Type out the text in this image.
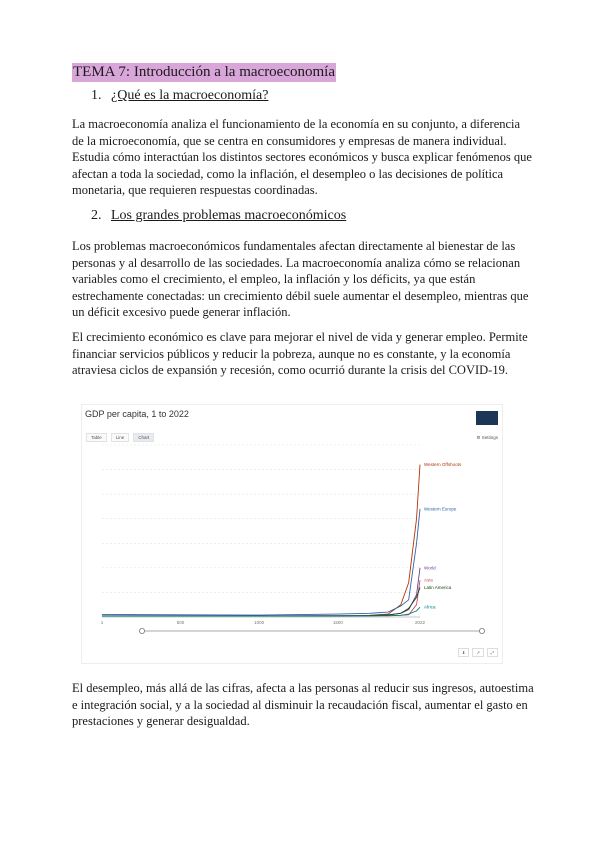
TEMA 7: Introducción a la macroeconomía
1. ¿Qué es la macroeconomía?

La macroeconomía analiza el funcionamiento de la economía en su conjunto, a diferencia de la microeconomía, que se centra en consumidores y empresas de manera individual. Estudia cómo interactúan los distintos sectores económicos y busca explicar fenómenos que afectan a toda la sociedad, como la inflación, el desempleo o las decisiones de política monetaria, que requieren respuestas coordinadas.

2. Los grandes problemas macroeconómicos

Los problemas macroeconómicos fundamentales afectan directamente al bienestar de las personas y al desarrollo de las sociedades. La macroeconomía analiza cómo se relacionan variables como el crecimiento, el empleo, la inflación y los déficits, ya que están estrechamente conectadas: un crecimiento débil suele aumentar el desempleo, mientras que un déficit excesivo puede generar inflación.

El crecimiento económico es clave para mejorar el nivel de vida y generar empleo. Permite financiar servicios públicos y reducir la pobreza, aunque no es constante, y la economía atraviesa ciclos de expansión y recesión, como ocurrió durante la crisis del COVID-19.

GDP per capita, 1 to 2022

Table	Line	Chart	⚙ Settings
1	500	1000	1500	2022
Western Offshoots
Western Europe
World
Asia
Latin America
Africa

⬇	↗	⤢

El desempleo, más allá de las cifras, afecta a las personas al reducir sus ingresos, autoestima e integración social, y a la sociedad al disminuir la recaudación fiscal, aumentar el gasto en prestaciones y generar desigualdad.
